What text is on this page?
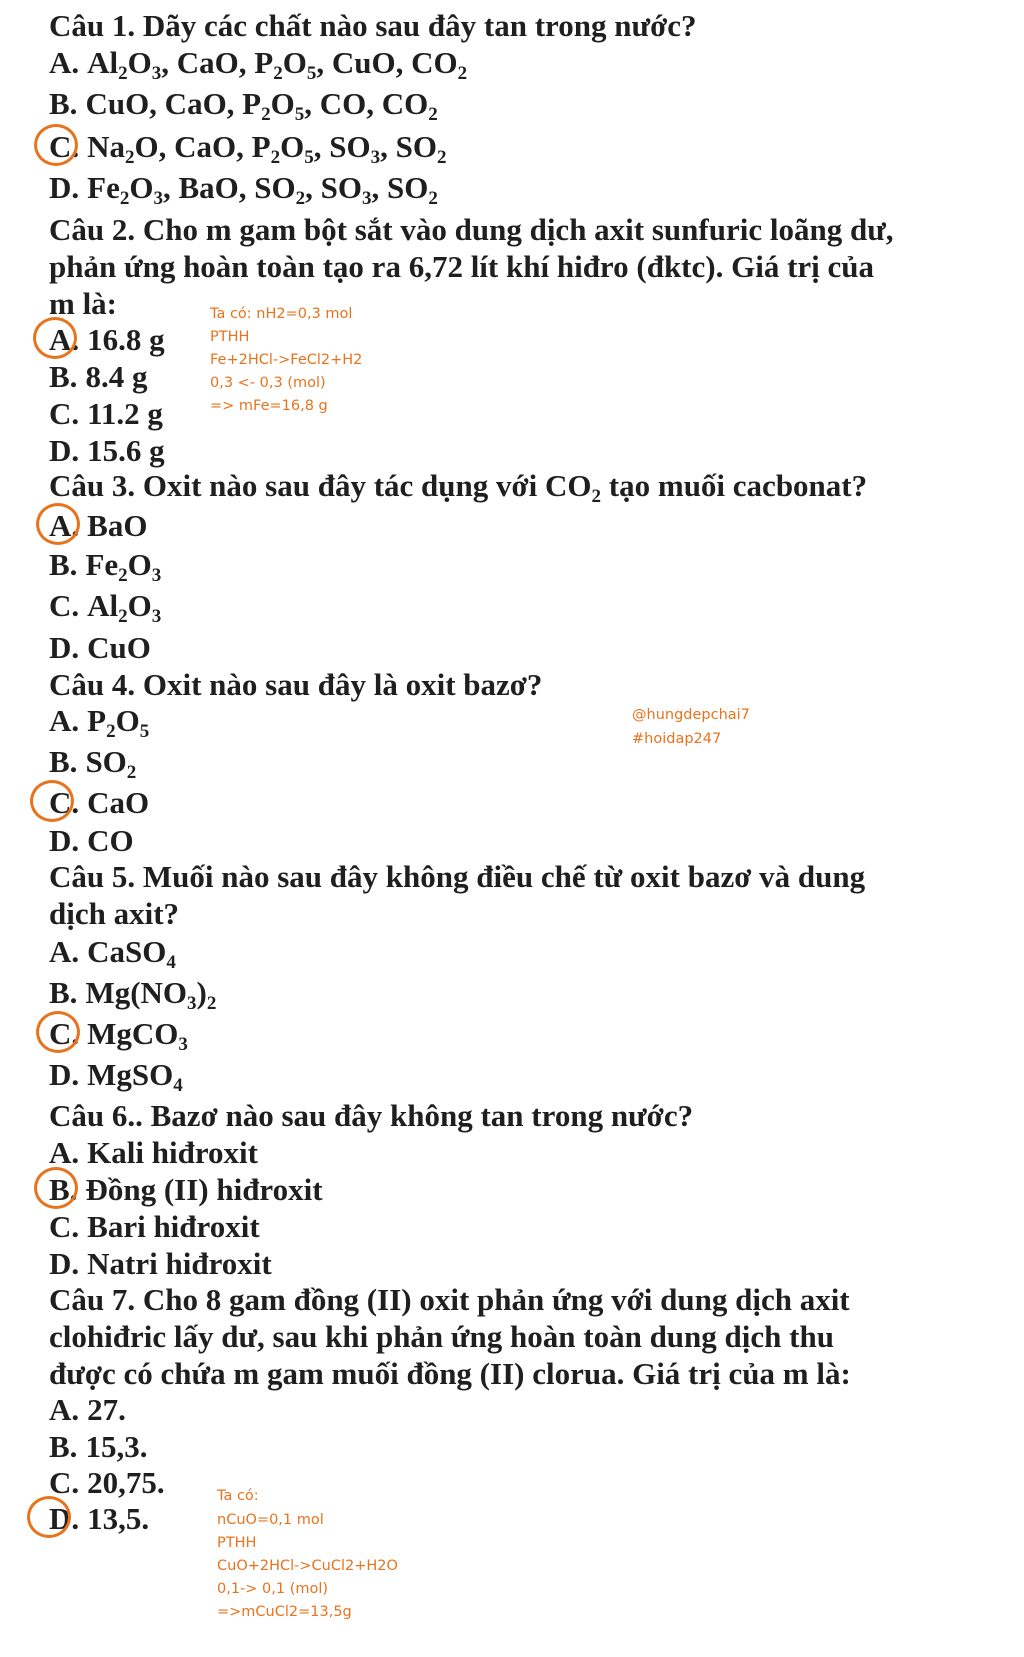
Câu 1. Dãy các chất nào sau đây tan trong nước?
A. $Al_2O_3$, CaO, $P_2O_5$, CuO, $CO_2$
B. CuO, CaO, $P_2O_5$, CO, $CO_2$
C. $Na_2O$, CaO, $P_2O_5$, $SO_3$, $SO_2$
D. $Fe_2O_3$, BaO, $SO_2$, $SO_3$, $SO_2$
Câu 2. Cho m gam bột sắt vào dung dịch axit sunfuric loãng dư,
phản ứng hoàn toàn tạo ra 6,72 lít khí hiđro (đktc). Giá trị của
m là:
A. 16.8 g
B. 8.4 g
C. 11.2 g
D. 15.6 g
Câu 3. Oxit nào sau đây tác dụng với $CO_2$ tạo muối cacbonat?
A. BaO
B. $Fe_2O_3$
C. $Al_2O_3$
D. CuO
Câu 4. Oxit nào sau đây là oxit bazơ?
A. $P_2O_5$
B. $SO_2$
C. CaO
D. CO
Câu 5. Muối nào sau đây không điều chế từ oxit bazơ và dung
dịch axit?
A. CaSO$_4$
B. $Mg(NO_3)_2$
C. MgCO$_3$
D. MgSO$_4$
Câu 6.. Bazơ nào sau đây không tan trong nước?
A. Kali hiđroxit
B. Đồng (II) hiđroxit
C. Bari hiđroxit
D. Natri hiđroxit
Câu 7. Cho 8 gam đồng (II) oxit phản ứng với dung dịch axit
clohiđric lấy dư, sau khi phản ứng hoàn toàn dung dịch thu
được có chứa m gam muối đồng (II) clorua. Giá trị của m là:
A. 27.
B. 15,3.
C. 20,75.
D. 13,5.
Ta có: nH2=0,3 mol
PTHH
Fe+2HCl->FeCl2+H2
0,3 <- 0,3 (mol)
=> mFe=16,8 g
@hungdepchai7
#hoidap247
Ta có:
nCuO=0,1 mol
PTHH
CuO+2HCl->CuCl2+H2O
0,1-> 0,1 (mol)
=>mCuCl2=13,5g
